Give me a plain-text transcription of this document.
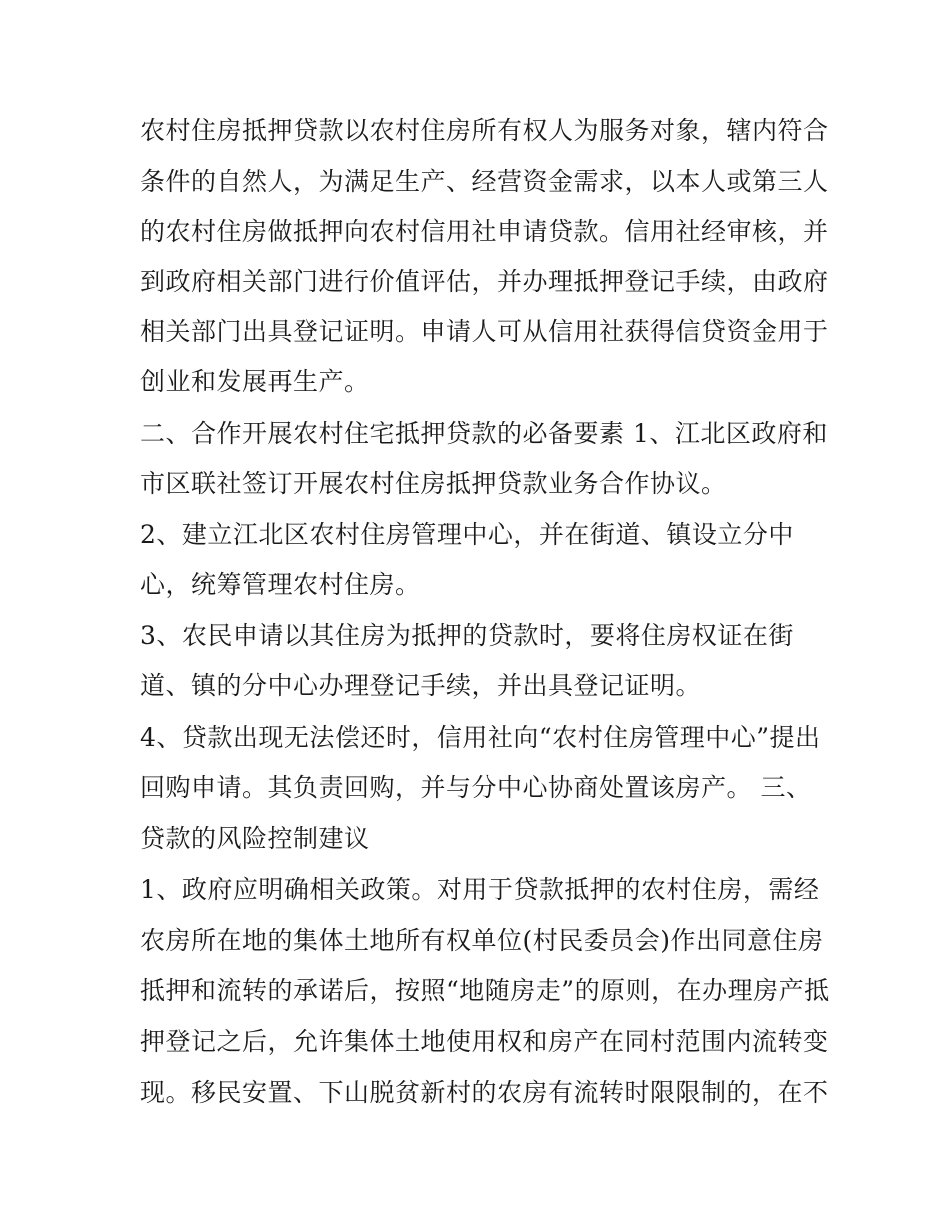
农村住房抵押贷款以农村住房所有权人为服务对象，辖内符合
条件的自然人，为满足生产、经营资金需求，以本人或第三人
的农村住房做抵押向农村信用社申请贷款。信用社经审核，并
到政府相关部门进行价值评估，并办理抵押登记手续，由政府
相关部门出具登记证明。申请人可从信用社获得信贷资金用于
创业和发展再生产。
二、合作开展农村住宅抵押贷款的必备要素 1、江北区政府和
市区联社签订开展农村住房抵押贷款业务合作协议。
2、建立江北区农村住房管理中心，并在街道、镇设立分中
心，统筹管理农村住房。
3、农民申请以其住房为抵押的贷款时，要将住房权证在街
道、镇的分中心办理登记手续，并出具登记证明。
4、贷款出现无法偿还时，信用社向“农村住房管理中心”提出
回购申请。其负责回购，并与分中心协商处置该房产。 三、
贷款的风险控制建议
1、政府应明确相关政策。对用于贷款抵押的农村住房，需经
农房所在地的集体土地所有权单位(村民委员会)作出同意住房
抵押和流转的承诺后，按照“地随房走”的原则，在办理房产抵
押登记之后，允许集体土地使用权和房产在同村范围内流转变
现。移民安置、下山脱贫新村的农房有流转时限限制的，在不
